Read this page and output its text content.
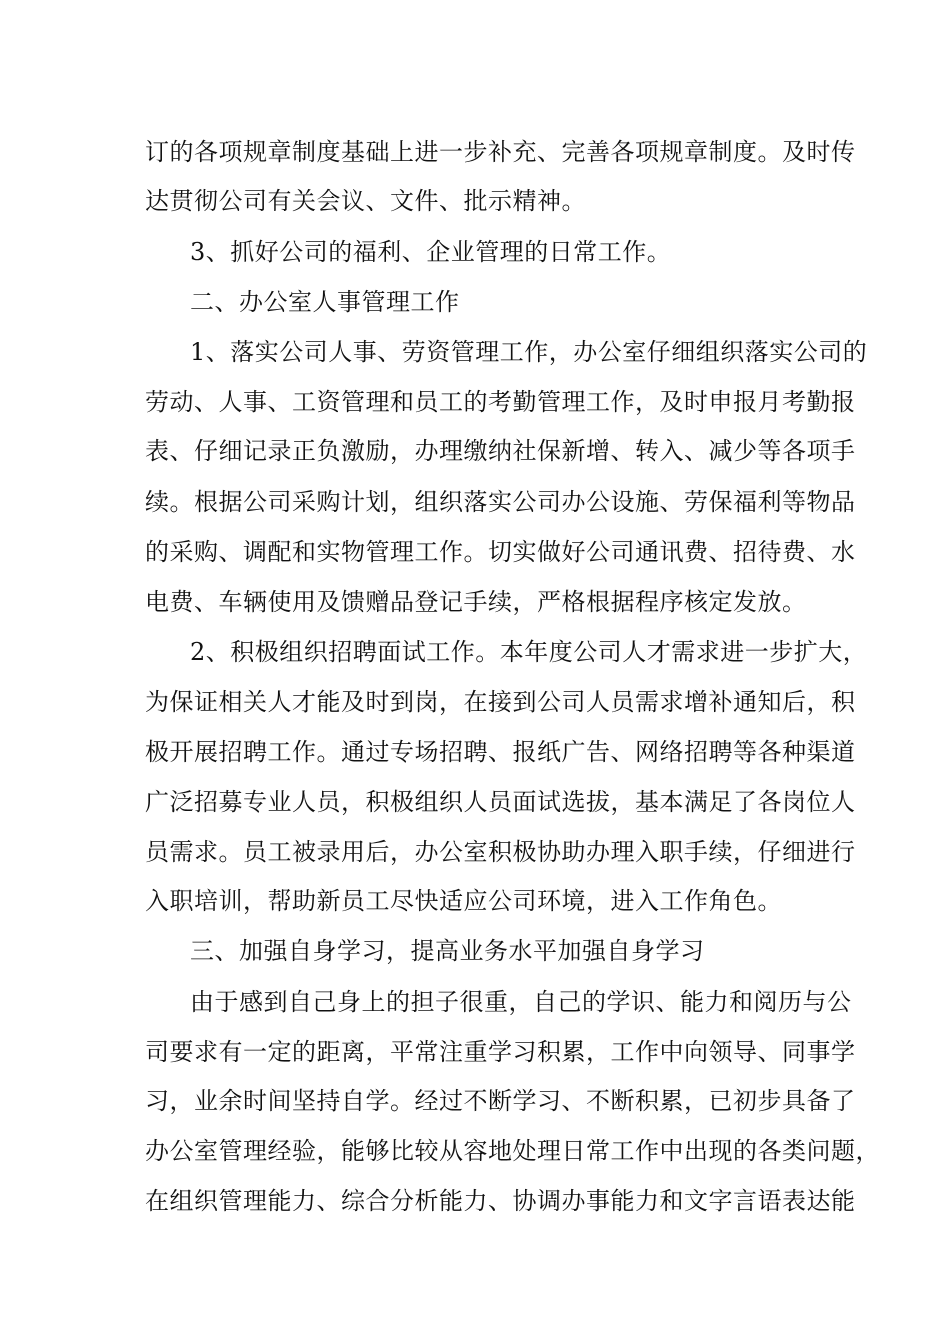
订的各项规章制度基础上进一步补充、完善各项规章制度。及时传
达贯彻公司有关会议、文件、批示精神。
3、抓好公司的福利、企业管理的日常工作。
二、办公室人事管理工作
1、落实公司人事、劳资管理工作，办公室仔细组织落实公司的
劳动、人事、工资管理和员工的考勤管理工作，及时申报月考勤报
表、仔细记录正负激励，办理缴纳社保新增、转入、减少等各项手
续。根据公司采购计划，组织落实公司办公设施、劳保福利等物品
的采购、调配和实物管理工作。切实做好公司通讯费、招待费、水
电费、车辆使用及馈赠品登记手续，严格根据程序核定发放。
2、积极组织招聘面试工作。本年度公司人才需求进一步扩大，
为保证相关人才能及时到岗，在接到公司人员需求增补通知后，积
极开展招聘工作。通过专场招聘、报纸广告、网络招聘等各种渠道
广泛招募专业人员，积极组织人员面试选拔，基本满足了各岗位人
员需求。员工被录用后，办公室积极协助办理入职手续，仔细进行
入职培训，帮助新员工尽快适应公司环境，进入工作角色。
三、加强自身学习，提高业务水平加强自身学习
由于感到自己身上的担子很重，自己的学识、能力和阅历与公
司要求有一定的距离，平常注重学习积累，工作中向领导、同事学
习，业余时间坚持自学。经过不断学习、不断积累，已初步具备了
办公室管理经验，能够比较从容地处理日常工作中出现的各类问题，
在组织管理能力、综合分析能力、协调办事能力和文字言语表达能
